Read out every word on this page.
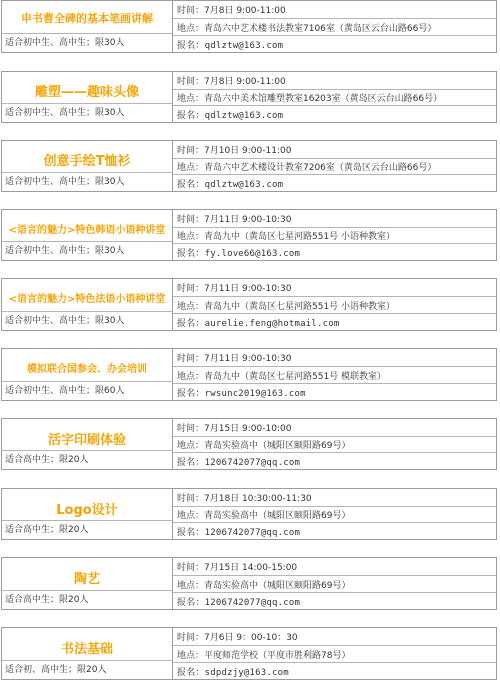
申书曹全碑的基本笔画讲解
适合初中生、高中生；限30人
时间：7月8日 9:00-11:00
地点：青岛六中艺术楼书法教室7106室（黄岛区云台山路66号）
报名：qdlztw@163.com
雕塑——趣味头像
适合初中生、高中生；限30人
时间：7月8日 9:00-11:00
地点：青岛六中美术馆雕塑教室16203室（黄岛区云台山路66号）
报名：qdlztw@163.com
创意手绘T恤衫
适合初中生、高中生；限30人
时间：7月10日 9:00-11:00
地点：青岛六中艺术楼设计教室7206室（黄岛区云台山路66号）
报名：qdlztw@163.com
<语言的魅力>特色韩语小语种讲堂
适合初中生、高中生；限30人
时间：7月11日 9:00-10:30
地点：青岛九中（黄岛区七星河路551号 小语种教室）
报名：fy.love66@163.com
<语言的魅力>特色法语小语种讲堂
适合初中生、高中生；限30人
时间：7月11日 9:00-10:30
地点：青岛九中（黄岛区七星河路551号 小语种教室）
报名：aurelie.feng@hotmail.com
模拟联合国参会、办会培训
适合初中生、高中生；限60人
时间：7月11日 9:00-10:30
地点：青岛九中（黄岛区七星河路551号 模联教室）
报名：rwsunc2019@163.com
活字印刷体验
适合高中生；限20人
时间：7月15日 9:00-10:00
地点：青岛实验高中（城阳区颐阳路69号）
报名：1206742077@qq.com
Logo设计
适合高中生；限20人
时间：7月18日 10:30:00-11:30
地点：青岛实验高中（城阳区颐阳路69号）
报名：1206742077@qq.com
陶艺
适合高中生；限20人
时间：7月15日 14:00-15:00
地点：青岛实验高中（城阳区颐阳路69号）
报名：1206742077@qq.com
书法基础
适合初、高中生；限20人
时间：7月6日 9：00-10：30
地点：平度师范学校（平度市胜利路78号）
报名：sdpdzjy@163.com
